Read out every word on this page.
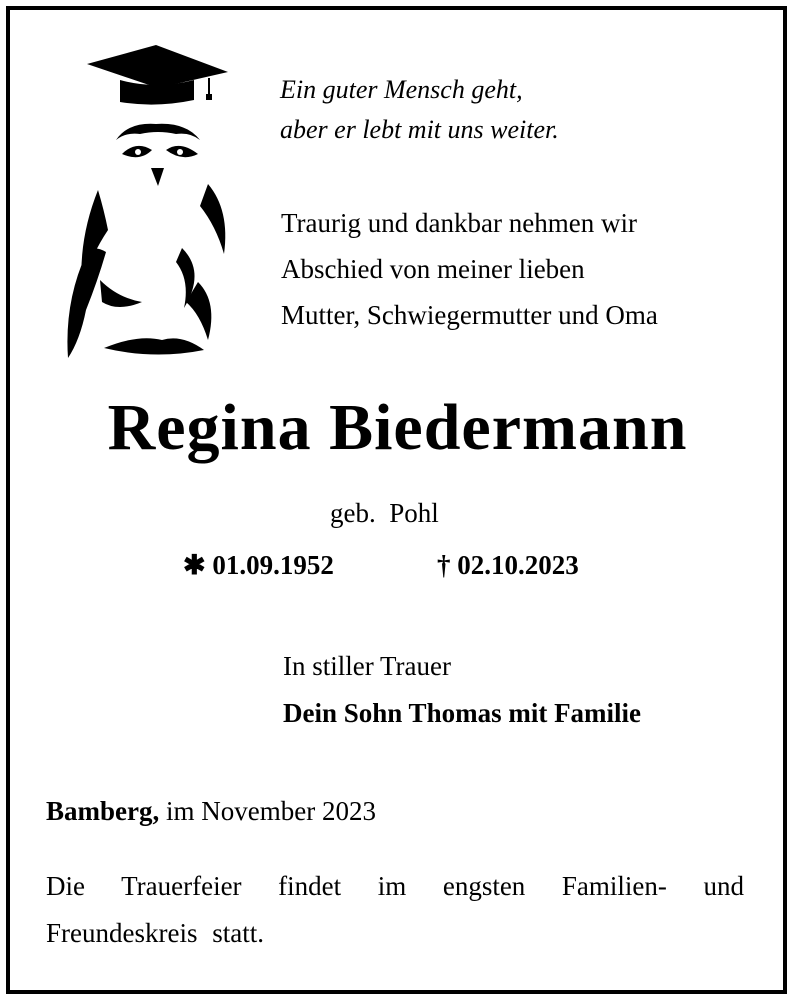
Ein guter Mensch geht,
aber er lebt mit uns weiter.
Traurig und dankbar nehmen wir
Abschied von meiner lieben
Mutter, Schwiegermutter und Oma
Regina Biedermann
geb. Pohl
✱ 01.09.1952	† 02.10.2023
In stiller Trauer
Dein Sohn Thomas mit Familie
Bamberg, im November 2023
Die Trauerfeier findet im engsten Familien- und Freundeskreis statt.
